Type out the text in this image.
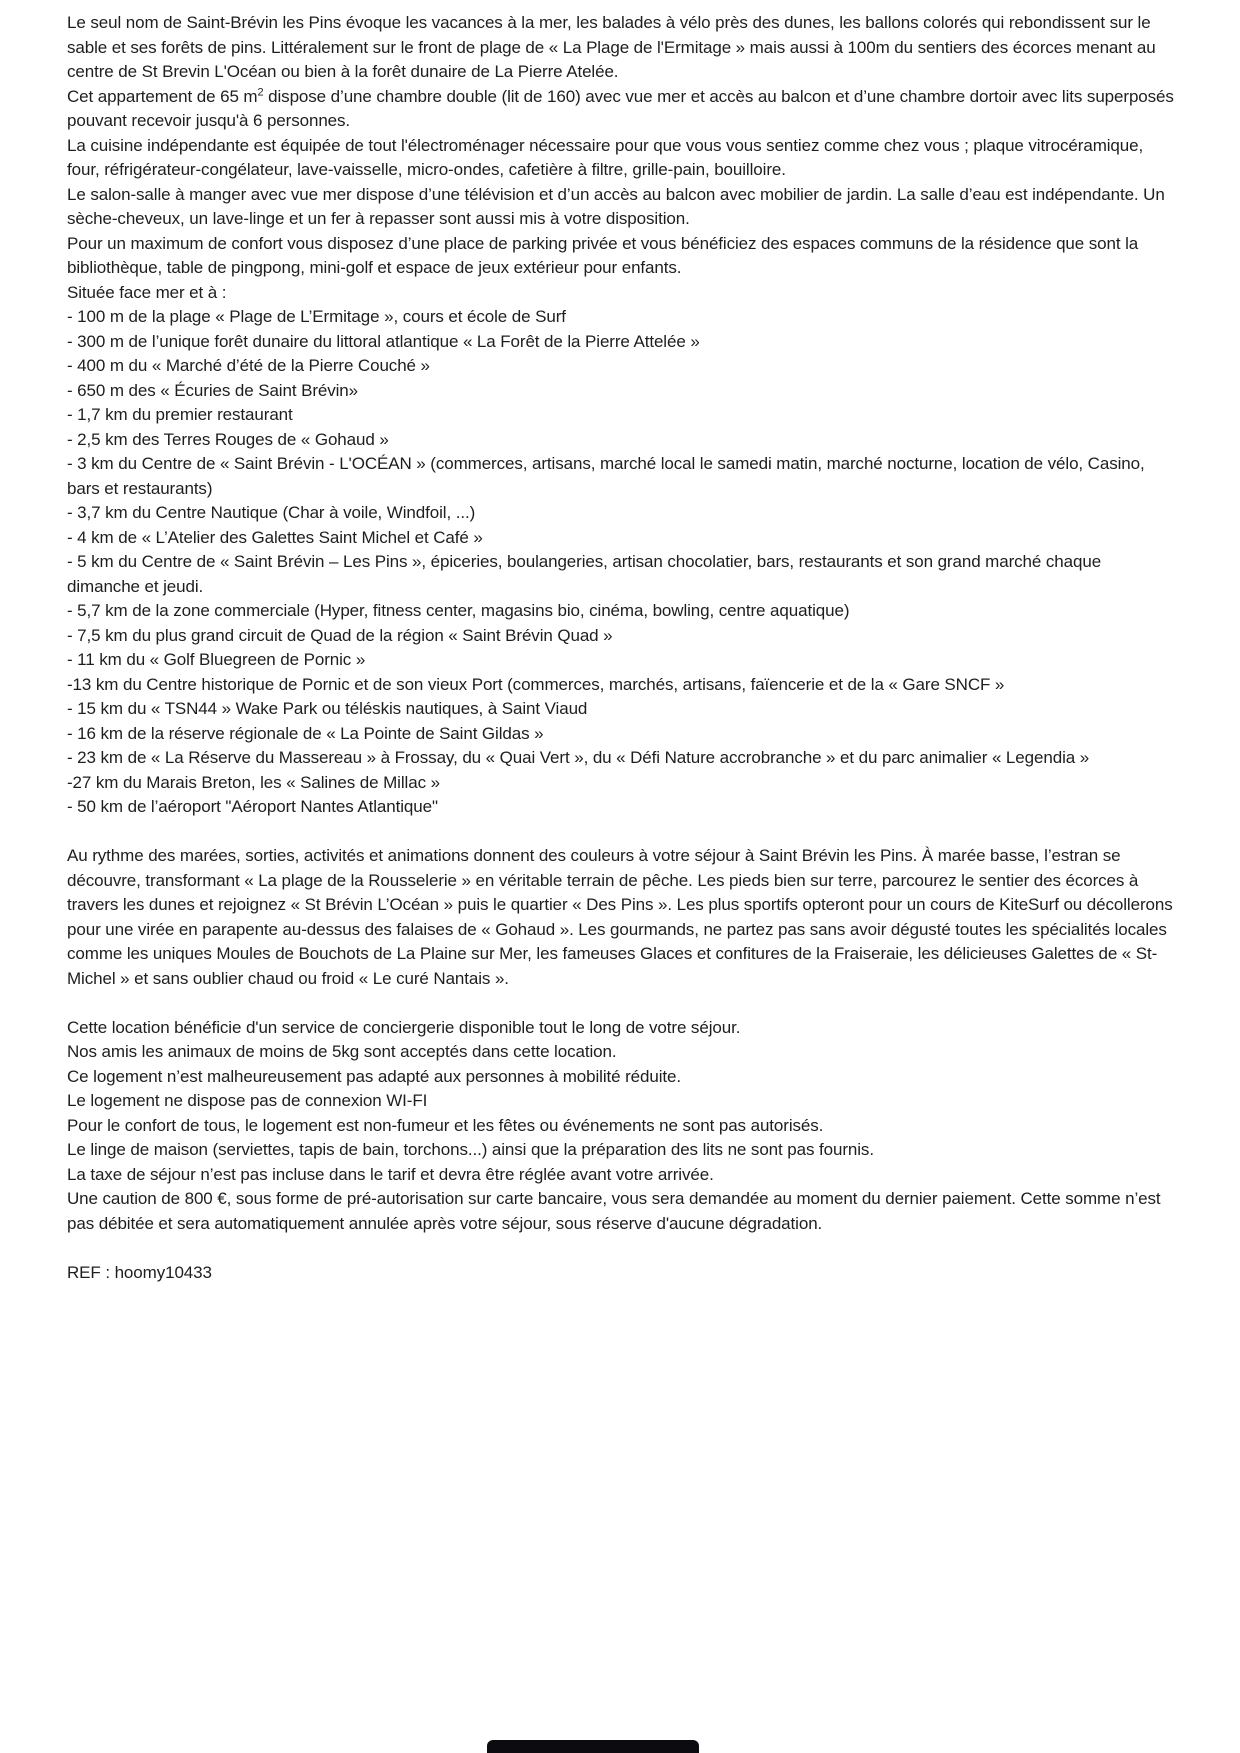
Le seul nom de Saint-Brévin les Pins évoque les vacances à la mer, les balades à vélo près des dunes, les ballons colorés qui rebondissent sur le sable et ses forêts de pins. Littéralement sur le front de plage de « La Plage de l'Ermitage » mais aussi à 100m du sentiers des écorces menant au centre de St Brevin L'Océan ou bien à la forêt dunaire de La Pierre Atelée.

Cet appartement de 65 $m^2$ dispose d’une chambre double (lit de 160) avec vue mer et accès au balcon et d’une chambre dortoir avec lits superposés pouvant recevoir jusqu'à 6 personnes.

La cuisine indépendante est équipée de tout l'électroménager nécessaire pour que vous vous sentiez comme chez vous ; plaque vitrocéramique, four, réfrigérateur-congélateur, lave-vaisselle, micro-ondes, cafetière à filtre, grille-pain, bouilloire.

Le salon-salle à manger avec vue mer dispose d’une télévision et d’un accès au balcon avec mobilier de jardin. La salle d’eau est indépendante. Un sèche-cheveux, un lave-linge et un fer à repasser sont aussi mis à votre disposition.

Pour un maximum de confort vous disposez d’une place de parking privée et vous bénéficiez des espaces communs de la résidence que sont la bibliothèque, table de pingpong, mini-golf et espace de jeux extérieur pour enfants.

Située face mer et à :

- 100 m de la plage « Plage de L’Ermitage », cours et école de Surf

- 300 m de l’unique forêt dunaire du littoral atlantique « La Forêt de la Pierre Attelée »

- 400 m du « Marché d’été de la Pierre Couché »

- 650 m des « Écuries de Saint Brévin»

- 1,7 km du premier restaurant

- 2,5 km des Terres Rouges de « Gohaud »

- 3 km du Centre de « Saint Brévin - L'OCÉAN » (commerces, artisans, marché local le samedi matin, marché nocturne, location de vélo, Casino, bars et restaurants)

- 3,7 km du Centre Nautique (Char à voile, Windfoil, ...)

- 4 km de « L’Atelier des Galettes Saint Michel et Café »

- 5 km du Centre de « Saint Brévin – Les Pins », épiceries, boulangeries, artisan chocolatier, bars, restaurants et son grand marché chaque dimanche et jeudi.

- 5,7 km de la zone commerciale (Hyper, fitness center, magasins bio, cinéma, bowling, centre aquatique)

- 7,5 km du plus grand circuit de Quad de la région « Saint Brévin Quad »

- 11 km du « Golf Bluegreen de Pornic »

-13 km du Centre historique de Pornic et de son vieux Port (commerces, marchés, artisans, faïencerie et de la « Gare SNCF »

- 15 km du « TSN44 » Wake Park ou téléskis nautiques, à Saint Viaud

- 16 km de la réserve régionale de « La Pointe de Saint Gildas »

- 23 km de « La Réserve du Massereau » à Frossay, du « Quai Vert », du « Défi Nature accrobranche » et du parc animalier « Legendia »

-27 km du Marais Breton, les « Salines de Millac »

- 50 km de l’aéroport "Aéroport Nantes Atlantique"

Au rythme des marées, sorties, activités et animations donnent des couleurs à votre séjour à Saint Brévin les Pins. À marée basse, l’estran se découvre, transformant « La plage de la Rousselerie » en véritable terrain de pêche. Les pieds bien sur terre, parcourez le sentier des écorces à travers les dunes et rejoignez « St Brévin L’Océan » puis le quartier « Des Pins ». Les plus sportifs opteront pour un cours de KiteSurf ou décollerons pour une virée en parapente au-dessus des falaises de « Gohaud ». Les gourmands, ne partez pas sans avoir dégusté toutes les spécialités locales comme les uniques Moules de Bouchots de La Plaine sur Mer, les fameuses Glaces et confitures de la Fraiseraie, les délicieuses Galettes de « St-Michel » et sans oublier chaud ou froid « Le curé Nantais ».

Cette location bénéficie d'un service de conciergerie disponible tout le long de votre séjour.

Nos amis les animaux de moins de 5kg sont acceptés dans cette location.

Ce logement n’est malheureusement pas adapté aux personnes à mobilité réduite.

Le logement ne dispose pas de connexion WI-FI

Pour le confort de tous, le logement est non-fumeur et les fêtes ou événements ne sont pas autorisés.

Le linge de maison (serviettes, tapis de bain, torchons...) ainsi que la préparation des lits ne sont pas fournis.

La taxe de séjour n’est pas incluse dans le tarif et devra être réglée avant votre arrivée.

Une caution de 800 €, sous forme de pré-autorisation sur carte bancaire, vous sera demandée au moment du dernier paiement. Cette somme n’est pas débitée et sera automatiquement annulée après votre séjour, sous réserve d'aucune dégradation.

REF : hoomy10433
